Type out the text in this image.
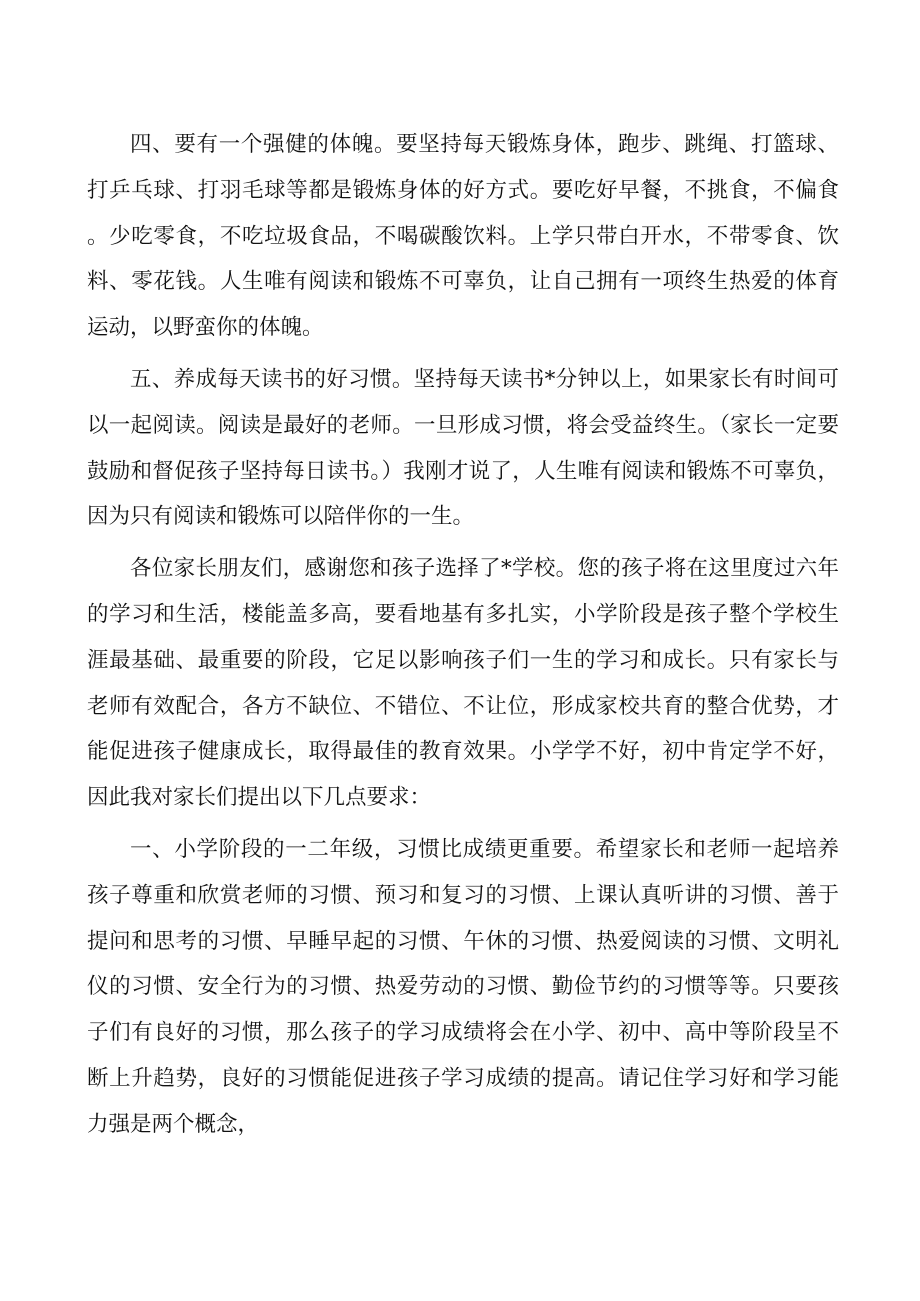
四、要有一个强健的体魄。要坚持每天锻炼身体，跑步、跳绳、打篮球、打乒乓球、打羽毛球等都是锻炼身体的好方式。要吃好早餐，不挑食，不偏食。少吃零食，不吃垃圾食品，不喝碳酸饮料。上学只带白开水，不带零食、饮料、零花钱。人生唯有阅读和锻炼不可辜负，让自己拥有一项终生热爱的体育运动，以野蛮你的体魄。

五、养成每天读书的好习惯。坚持每天读书*分钟以上，如果家长有时间可以一起阅读。阅读是最好的老师。一旦形成习惯，将会受益终生。（家长一定要鼓励和督促孩子坚持每日读书。）我刚才说了，人生唯有阅读和锻炼不可辜负，因为只有阅读和锻炼可以陪伴你的一生。

各位家长朋友们，感谢您和孩子选择了*学校。您的孩子将在这里度过六年的学习和生活，楼能盖多高，要看地基有多扎实，小学阶段是孩子整个学校生涯最基础、最重要的阶段，它足以影响孩子们一生的学习和成长。只有家长与老师有效配合，各方不缺位、不错位、不让位，形成家校共育的整合优势，才能促进孩子健康成长，取得最佳的教育效果。小学学不好，初中肯定学不好，因此我对家长们提出以下几点要求：

一、小学阶段的一二年级，习惯比成绩更重要。希望家长和老师一起培养孩子尊重和欣赏老师的习惯、预习和复习的习惯、上课认真听讲的习惯、善于提问和思考的习惯、早睡早起的习惯、午休的习惯、热爱阅读的习惯、文明礼仪的习惯、安全行为的习惯、热爱劳动的习惯、勤俭节约的习惯等等。只要孩子们有良好的习惯，那么孩子的学习成绩将会在小学、初中、高中等阶段呈不断上升趋势，良好的习惯能促进孩子学习成绩的提高。请记住学习好和学习能力强是两个概念，
